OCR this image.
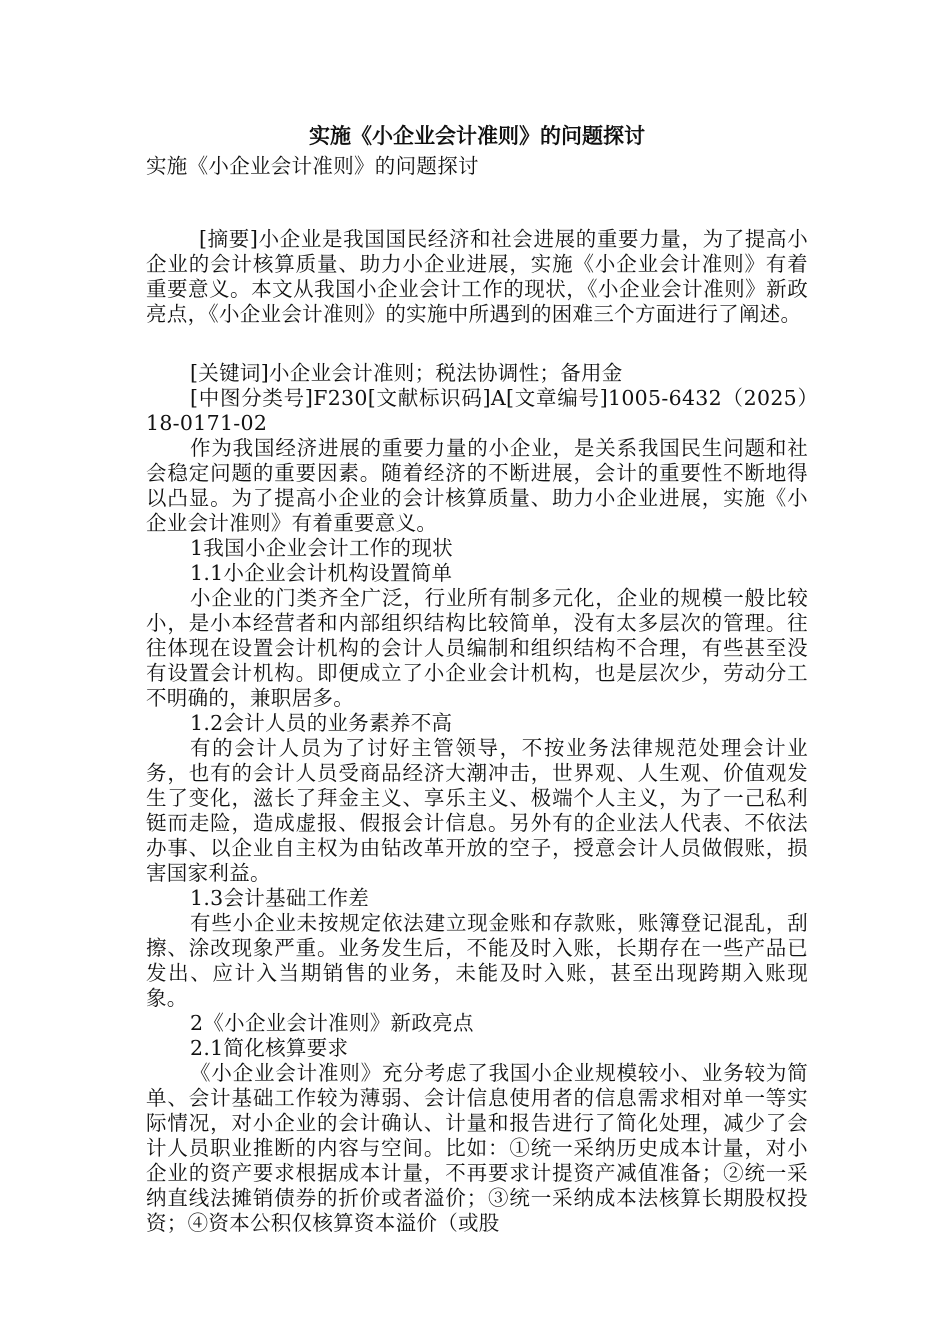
实施《小企业会计准则》的问题探讨

实施《小企业会计准则》的问题探讨

[摘要]小企业是我国国民经济和社会进展的重要力量，为了提高小企业的会计核算质量、助力小企业进展，实施《小企业会计准则》有着重要意义。本文从我国小企业会计工作的现状，《小企业会计准则》新政亮点，《小企业会计准则》的实施中所遇到的困难三个方面进行了阐述。

[关键词]小企业会计准则；税法协调性；备用金

[中图分类号]F230[文献标识码]A[文章编号]1005-6432（2025）18-0171-02

作为我国经济进展的重要力量的小企业，是关系我国民生问题和社会稳定问题的重要因素。随着经济的不断进展，会计的重要性不断地得以凸显。为了提高小企业的会计核算质量、助力小企业进展，实施《小企业会计准则》有着重要意义。

1我国小企业会计工作的现状

1.1小企业会计机构设置简单

小企业的门类齐全广泛，行业所有制多元化，企业的规模一般比较小，是小本经营者和内部组织结构比较简单，没有太多层次的管理。往往体现在设置会计机构的会计人员编制和组织结构不合理，有些甚至没有设置会计机构。即便成立了小企业会计机构，也是层次少，劳动分工不明确的，兼职居多。

1.2会计人员的业务素养不高

有的会计人员为了讨好主管领导，不按业务法律规范处理会计业务，也有的会计人员受商品经济大潮冲击，世界观、人生观、价值观发生了变化，滋长了拜金主义、享乐主义、极端个人主义，为了一己私利铤而走险，造成虚报、假报会计信息。另外有的企业法人代表、不依法办事、以企业自主权为由钻改革开放的空子，授意会计人员做假账，损害国家利益。

1.3会计基础工作差

有些小企业未按规定依法建立现金账和存款账，账簿登记混乱，刮擦、涂改现象严重。业务发生后，不能及时入账，长期存在一些产品已发出、应计入当期销售的业务，未能及时入账，甚至出现跨期入账现象。

2《小企业会计准则》新政亮点

2.1简化核算要求

《小企业会计准则》充分考虑了我国小企业规模较小、业务较为简单、会计基础工作较为薄弱、会计信息使用者的信息需求相对单一等实际情况，对小企业的会计确认、计量和报告进行了简化处理，减少了会计人员职业推断的内容与空间。比如：①统一采纳历史成本计量，对小企业的资产要求根据成本计量，不再要求计提资产减值准备；②统一采纳直线法摊销债券的折价或者溢价；③统一采纳成本法核算长期股权投资；④资本公积仅核算资本溢价（或股
